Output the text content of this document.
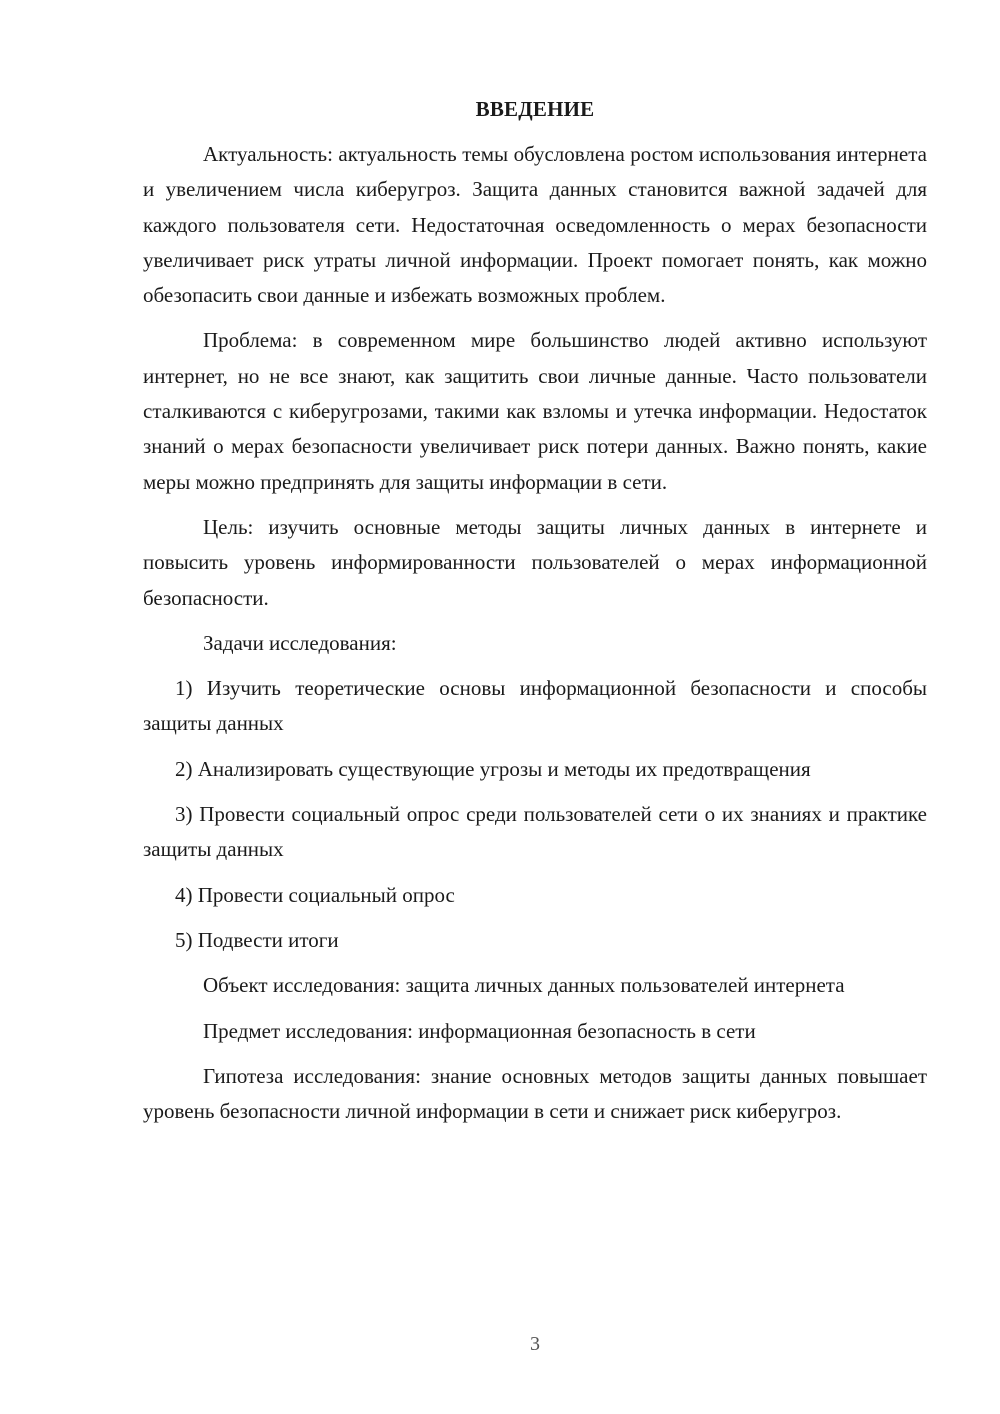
ВВЕДЕНИЕ

Актуальность: актуальность темы обусловлена ростом использования интернета и увеличением числа киберугроз. Защита данных становится важной задачей для каждого пользователя сети. Недостаточная осведомленность о мерах безопасности увеличивает риск утраты личной информации. Проект помогает понять, как можно обезопасить свои данные и избежать возможных проблем.

Проблема: в современном мире большинство людей активно используют интернет, но не все знают, как защитить свои личные данные. Часто пользователи сталкиваются с киберугрозами, такими как взломы и утечка информации. Недостаток знаний о мерах безопасности увеличивает риск потери данных. Важно понять, какие меры можно предпринять для защиты информации в сети.

Цель: изучить основные методы защиты личных данных в интернете и повысить уровень информированности пользователей о мерах информационной безопасности.

Задачи исследования:

1) Изучить теоретические основы информационной безопасности и способы защиты данных

2) Анализировать существующие угрозы и методы их предотвращения

3) Провести социальный опрос среди пользователей сети о их знаниях и практике защиты данных

4) Провести социальный опрос

5) Подвести итоги

Объект исследования: защита личных данных пользователей интернета

Предмет исследования: информационная безопасность в сети

Гипотеза исследования: знание основных методов защиты данных повышает уровень безопасности личной информации в сети и снижает риск киберугроз.

3
